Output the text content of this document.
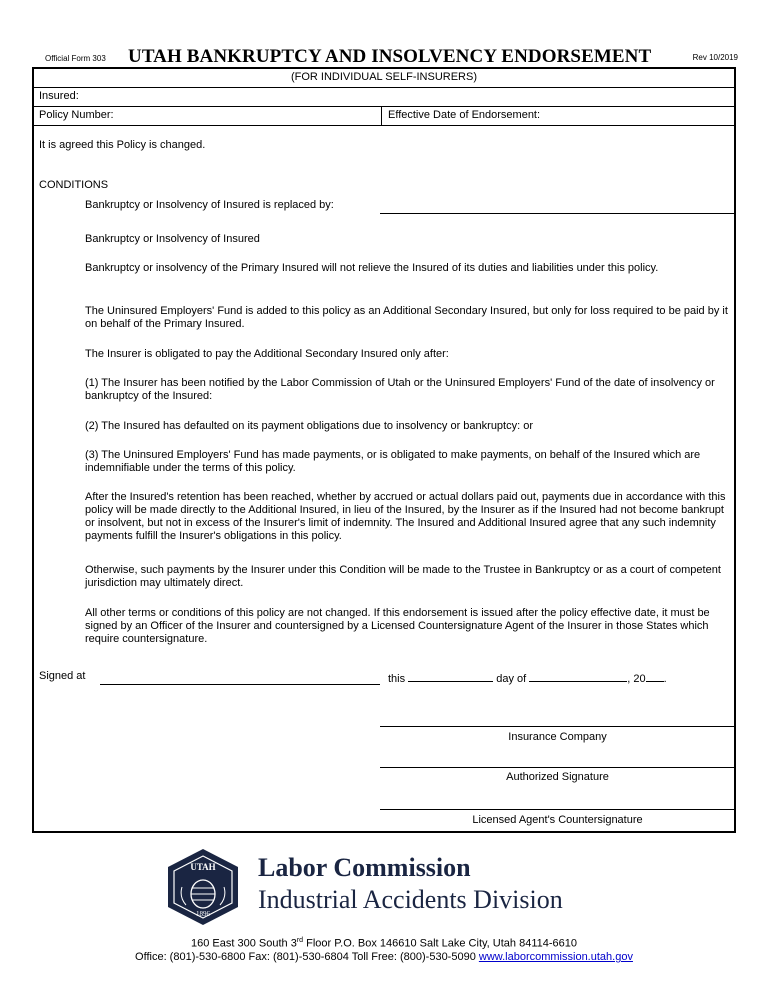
Official Form 303 UTAH BANKRUPTCY AND INSOLVENCY ENDORSEMENT	Rev 10/2019
(FOR INDIVIDUAL SELF-INSURERS)
Insured:
Policy Number:	Effective Date of Endorsement:
It is agreed this Policy is changed.
CONDITIONS
Bankruptcy or Insolvency of Insured is replaced by:
Bankruptcy or Insolvency of Insured
Bankruptcy or insolvency of the Primary Insured will not relieve the Insured of its duties and liabilities under this policy.
The Uninsured Employers' Fund is added to this policy as an Additional Secondary Insured, but only for loss required to be paid by it on behalf of the Primary Insured.
The Insurer is obligated to pay the Additional Secondary Insured only after:
(1) The Insurer has been notified by the Labor Commission of Utah or the Uninsured Employers' Fund of the date of insolvency or bankruptcy of the Insured:
(2) The Insured has defaulted on its payment obligations due to insolvency or bankruptcy: or
(3) The Uninsured Employers' Fund has made payments, or is obligated to make payments, on behalf of the Insured which are indemnifiable under the terms of this policy.
After the Insured's retention has been reached, whether by accrued or actual dollars paid out, payments due in accordance with this policy will be made directly to the Additional Insured, in lieu of the Insured, by the Insurer as if the Insured had not become bankrupt or insolvent, but not in excess of the Insurer's limit of indemnity. The Insured and Additional Insured agree that any such indemnity payments fulfill the Insurer's obligations in this policy.
Otherwise, such payments by the Insurer under this Condition will be made to the Trustee in Bankruptcy or as a court of competent jurisdiction may ultimately direct.
All other terms or conditions of this policy are not changed. If this endorsement is issued after the policy effective date, it must be signed by an Officer of the Insurer and countersigned by a Licensed Countersignature Agent of the Insurer in those States which require countersignature.
Signed at	this	day of	, 20 .
Insurance Company
Authorized Signature
Licensed Agent's Countersignature
UTAH
1896
Labor Commission
Industrial Accidents Division
160 East 300 South 3rd Floor P.O. Box 146610 Salt Lake City, Utah 84114-6610
Office: (801)-530-6800 Fax: (801)-530-6804 Toll Free: (800)-530-5090 www.laborcommission.utah.gov
